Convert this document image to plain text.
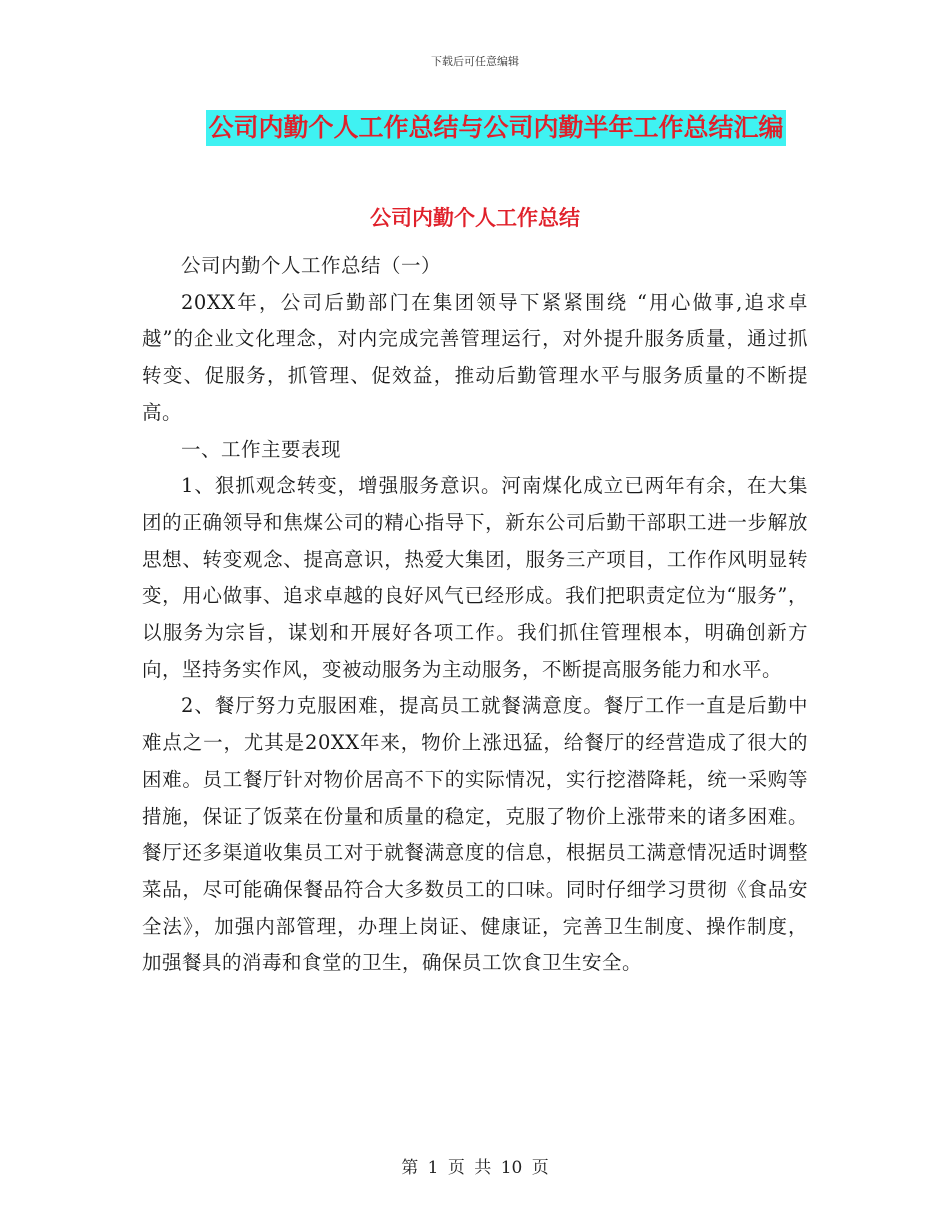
下载后可任意编辑
公司内勤个人工作总结与公司内勤半年工作总结汇编
公司内勤个人工作总结

公司内勤个人工作总结（一）

20XX年，公司后勤部门在集团领导下紧紧围绕 “用心做事,追求卓越”的企业文化理念，对内完成完善管理运行，对外提升服务质量，通过抓转变、促服务，抓管理、促效益，推动后勤管理水平与服务质量的不断提高。

一、工作主要表现

1、狠抓观念转变，增强服务意识。河南煤化成立已两年有余，在大集团的正确领导和焦煤公司的精心指导下，新东公司后勤干部职工进一步解放思想、转变观念、提高意识，热爱大集团，服务三产项目，工作作风明显转变，用心做事、追求卓越的良好风气已经形成。我们把职责定位为“服务”，以服务为宗旨，谋划和开展好各项工作。我们抓住管理根本，明确创新方向，坚持务实作风，变被动服务为主动服务，不断提高服务能力和水平。

2、餐厅努力克服困难，提高员工就餐满意度。餐厅工作一直是后勤中难点之一，尤其是20XX年来，物价上涨迅猛，给餐厅的经营造成了很大的困难。员工餐厅针对物价居高不下的实际情况，实行挖潜降耗，统一采购等措施，保证了饭菜在份量和质量的稳定，克服了物价上涨带来的诸多困难。餐厅还多渠道收集员工对于就餐满意度的信息，根据员工满意情况适时调整菜品，尽可能确保餐品符合大多数员工的口味。同时仔细学习贯彻《食品安全法》，加强内部管理，办理上岗证、健康证，完善卫生制度、操作制度，加强餐具的消毒和食堂的卫生，确保员工饮食卫生安全。

第 1 页 共 10 页
